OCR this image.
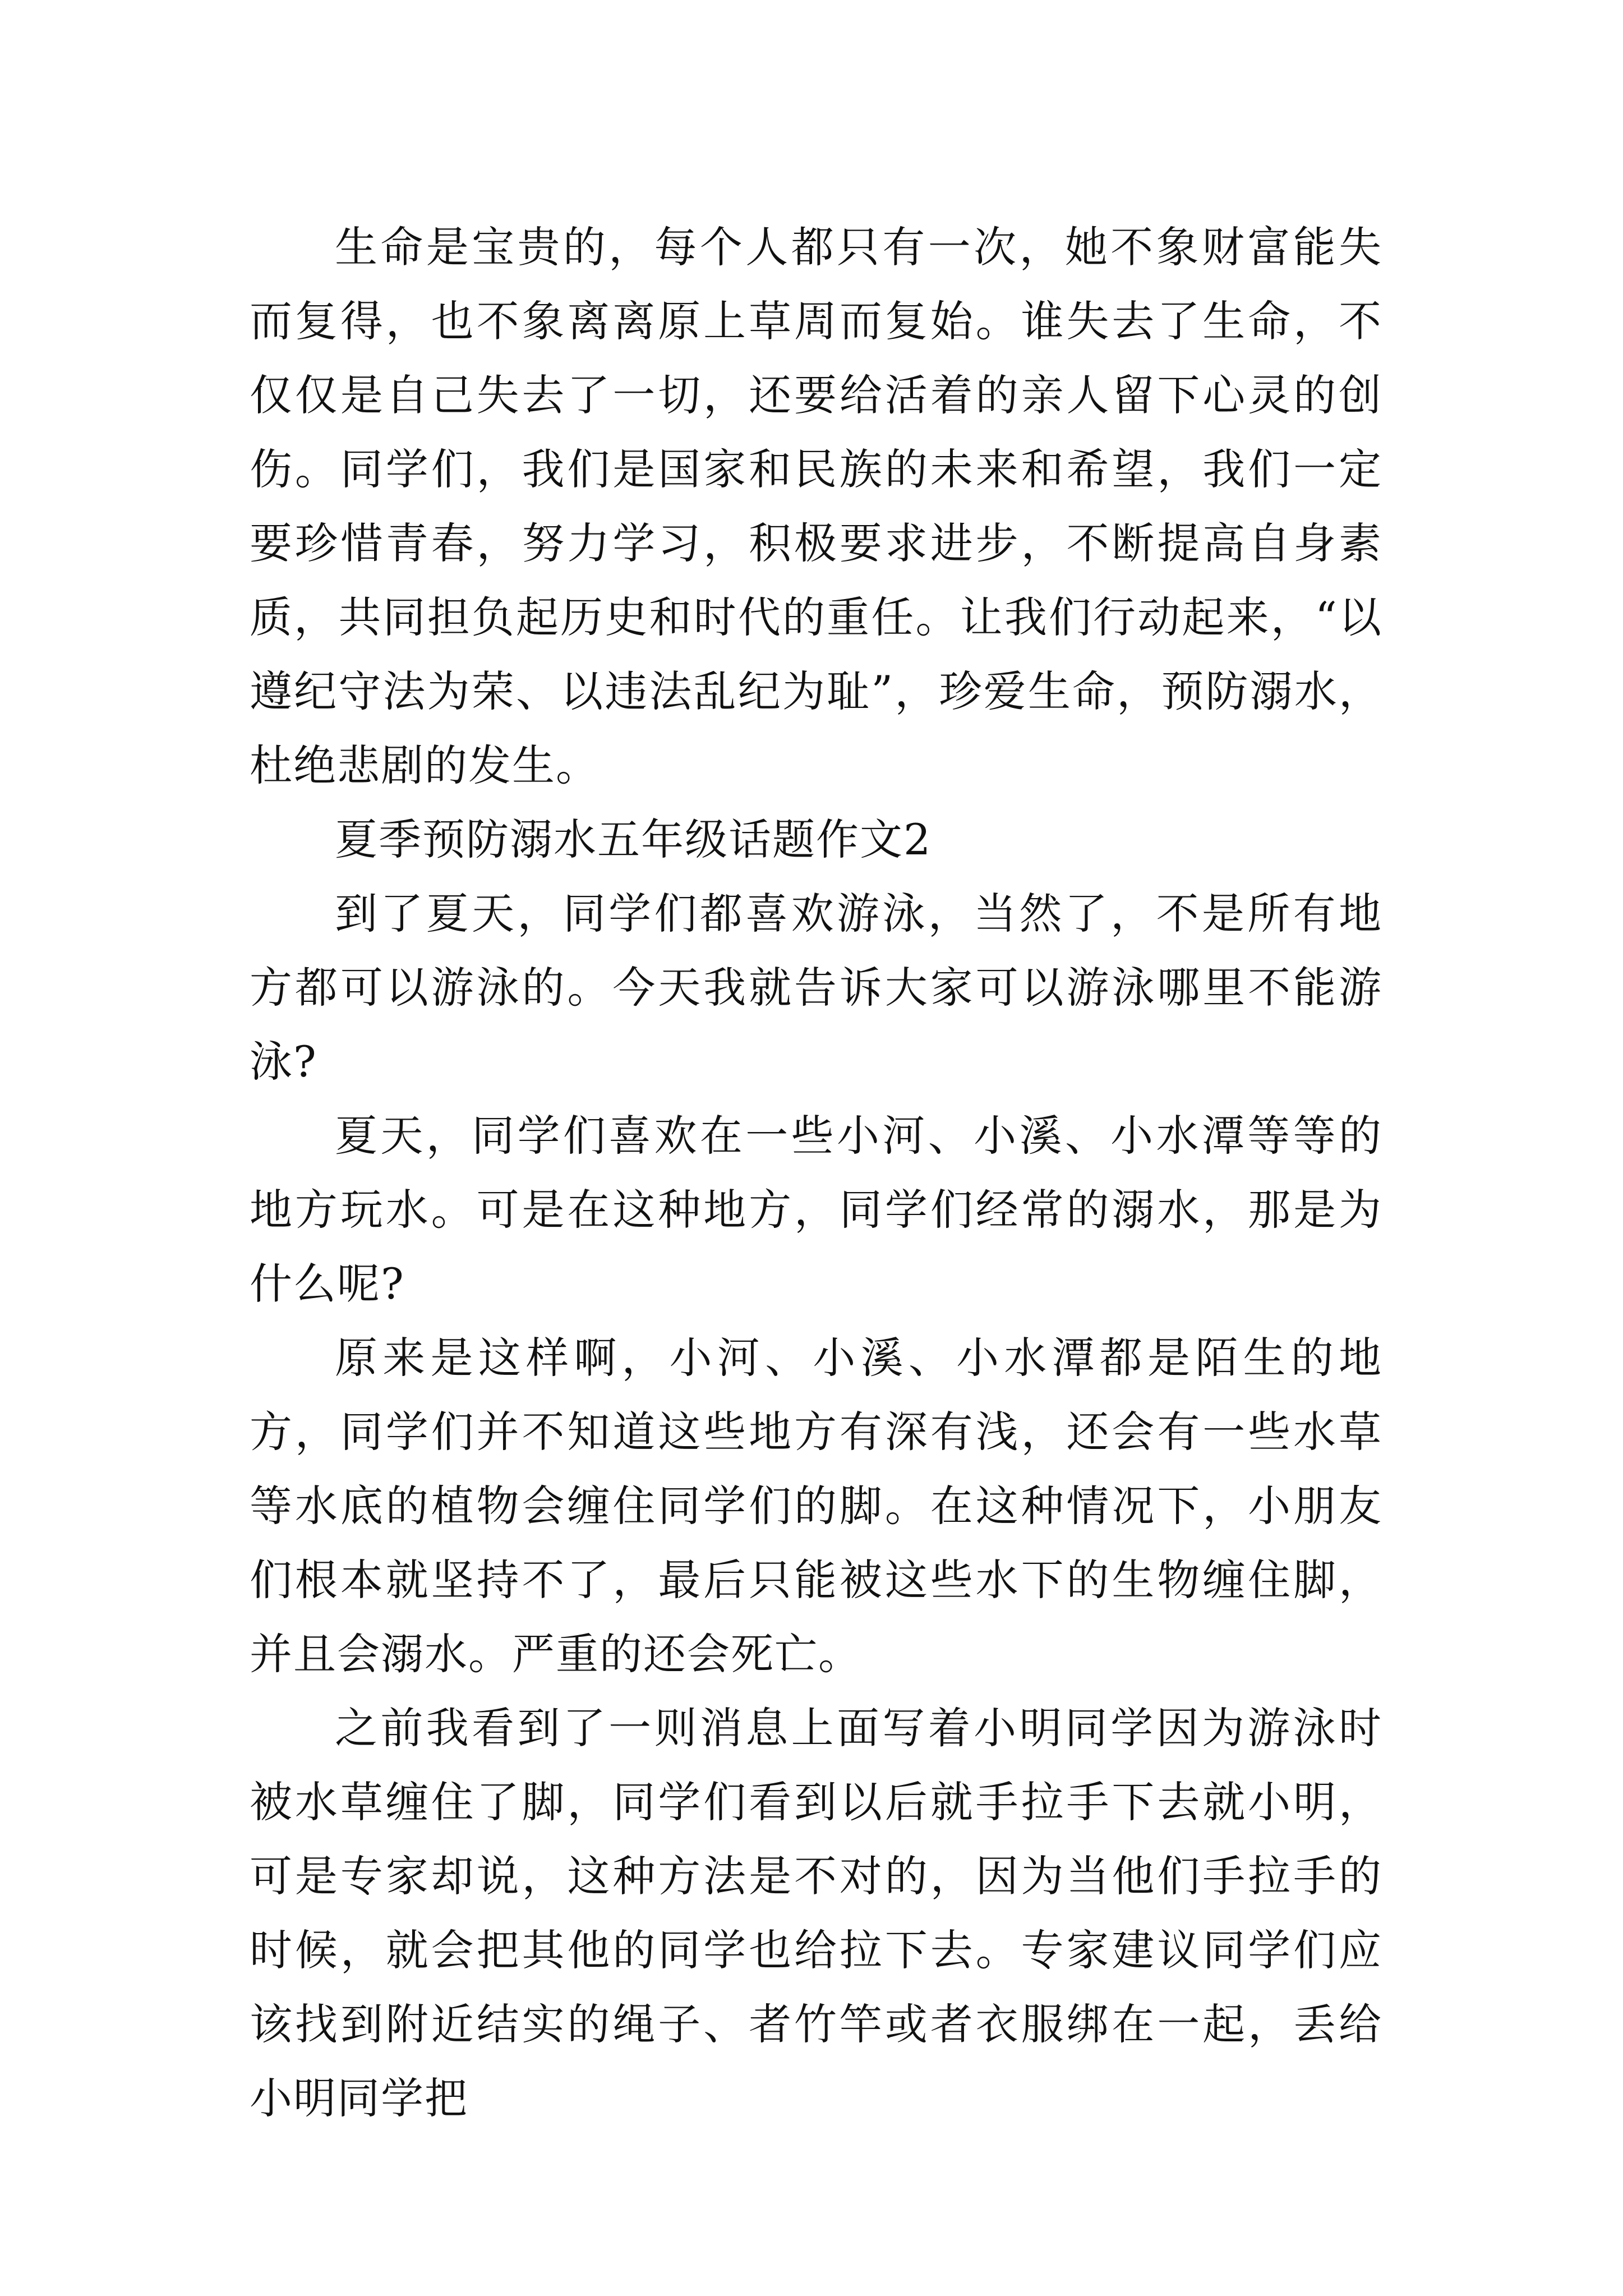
生命是宝贵的，每个人都只有一次，她不象财富能失而复得，也不象离离原上草周而复始。谁失去了生命，不仅仅是自己失去了一切，还要给活着的亲人留下心灵的创伤。同学们，我们是国家和民族的未来和希望，我们一定要珍惜青春，努力学习，积极要求进步，不断提高自身素质，共同担负起历史和时代的重任。让我们行动起来，“以遵纪守法为荣、以违法乱纪为耻”，珍爱生命，预防溺水，杜绝悲剧的发生。

夏季预防溺水五年级话题作文2

到了夏天，同学们都喜欢游泳，当然了，不是所有地方都可以游泳的。今天我就告诉大家可以游泳哪里不能游泳?

夏天，同学们喜欢在一些小河、小溪、小水潭等等的地方玩水。可是在这种地方，同学们经常的溺水，那是为什么呢?

原来是这样啊，小河、小溪、小水潭都是陌生的地方，同学们并不知道这些地方有深有浅，还会有一些水草等水底的植物会缠住同学们的脚。在这种情况下，小朋友们根本就坚持不了，最后只能被这些水下的生物缠住脚，并且会溺水。严重的还会死亡。

之前我看到了一则消息上面写着小明同学因为游泳时被水草缠住了脚，同学们看到以后就手拉手下去就小明，可是专家却说，这种方法是不对的，因为当他们手拉手的时候，就会把其他的同学也给拉下去。专家建议同学们应该找到附近结实的绳子、者竹竿或者衣服绑在一起，丢给小明同学把
